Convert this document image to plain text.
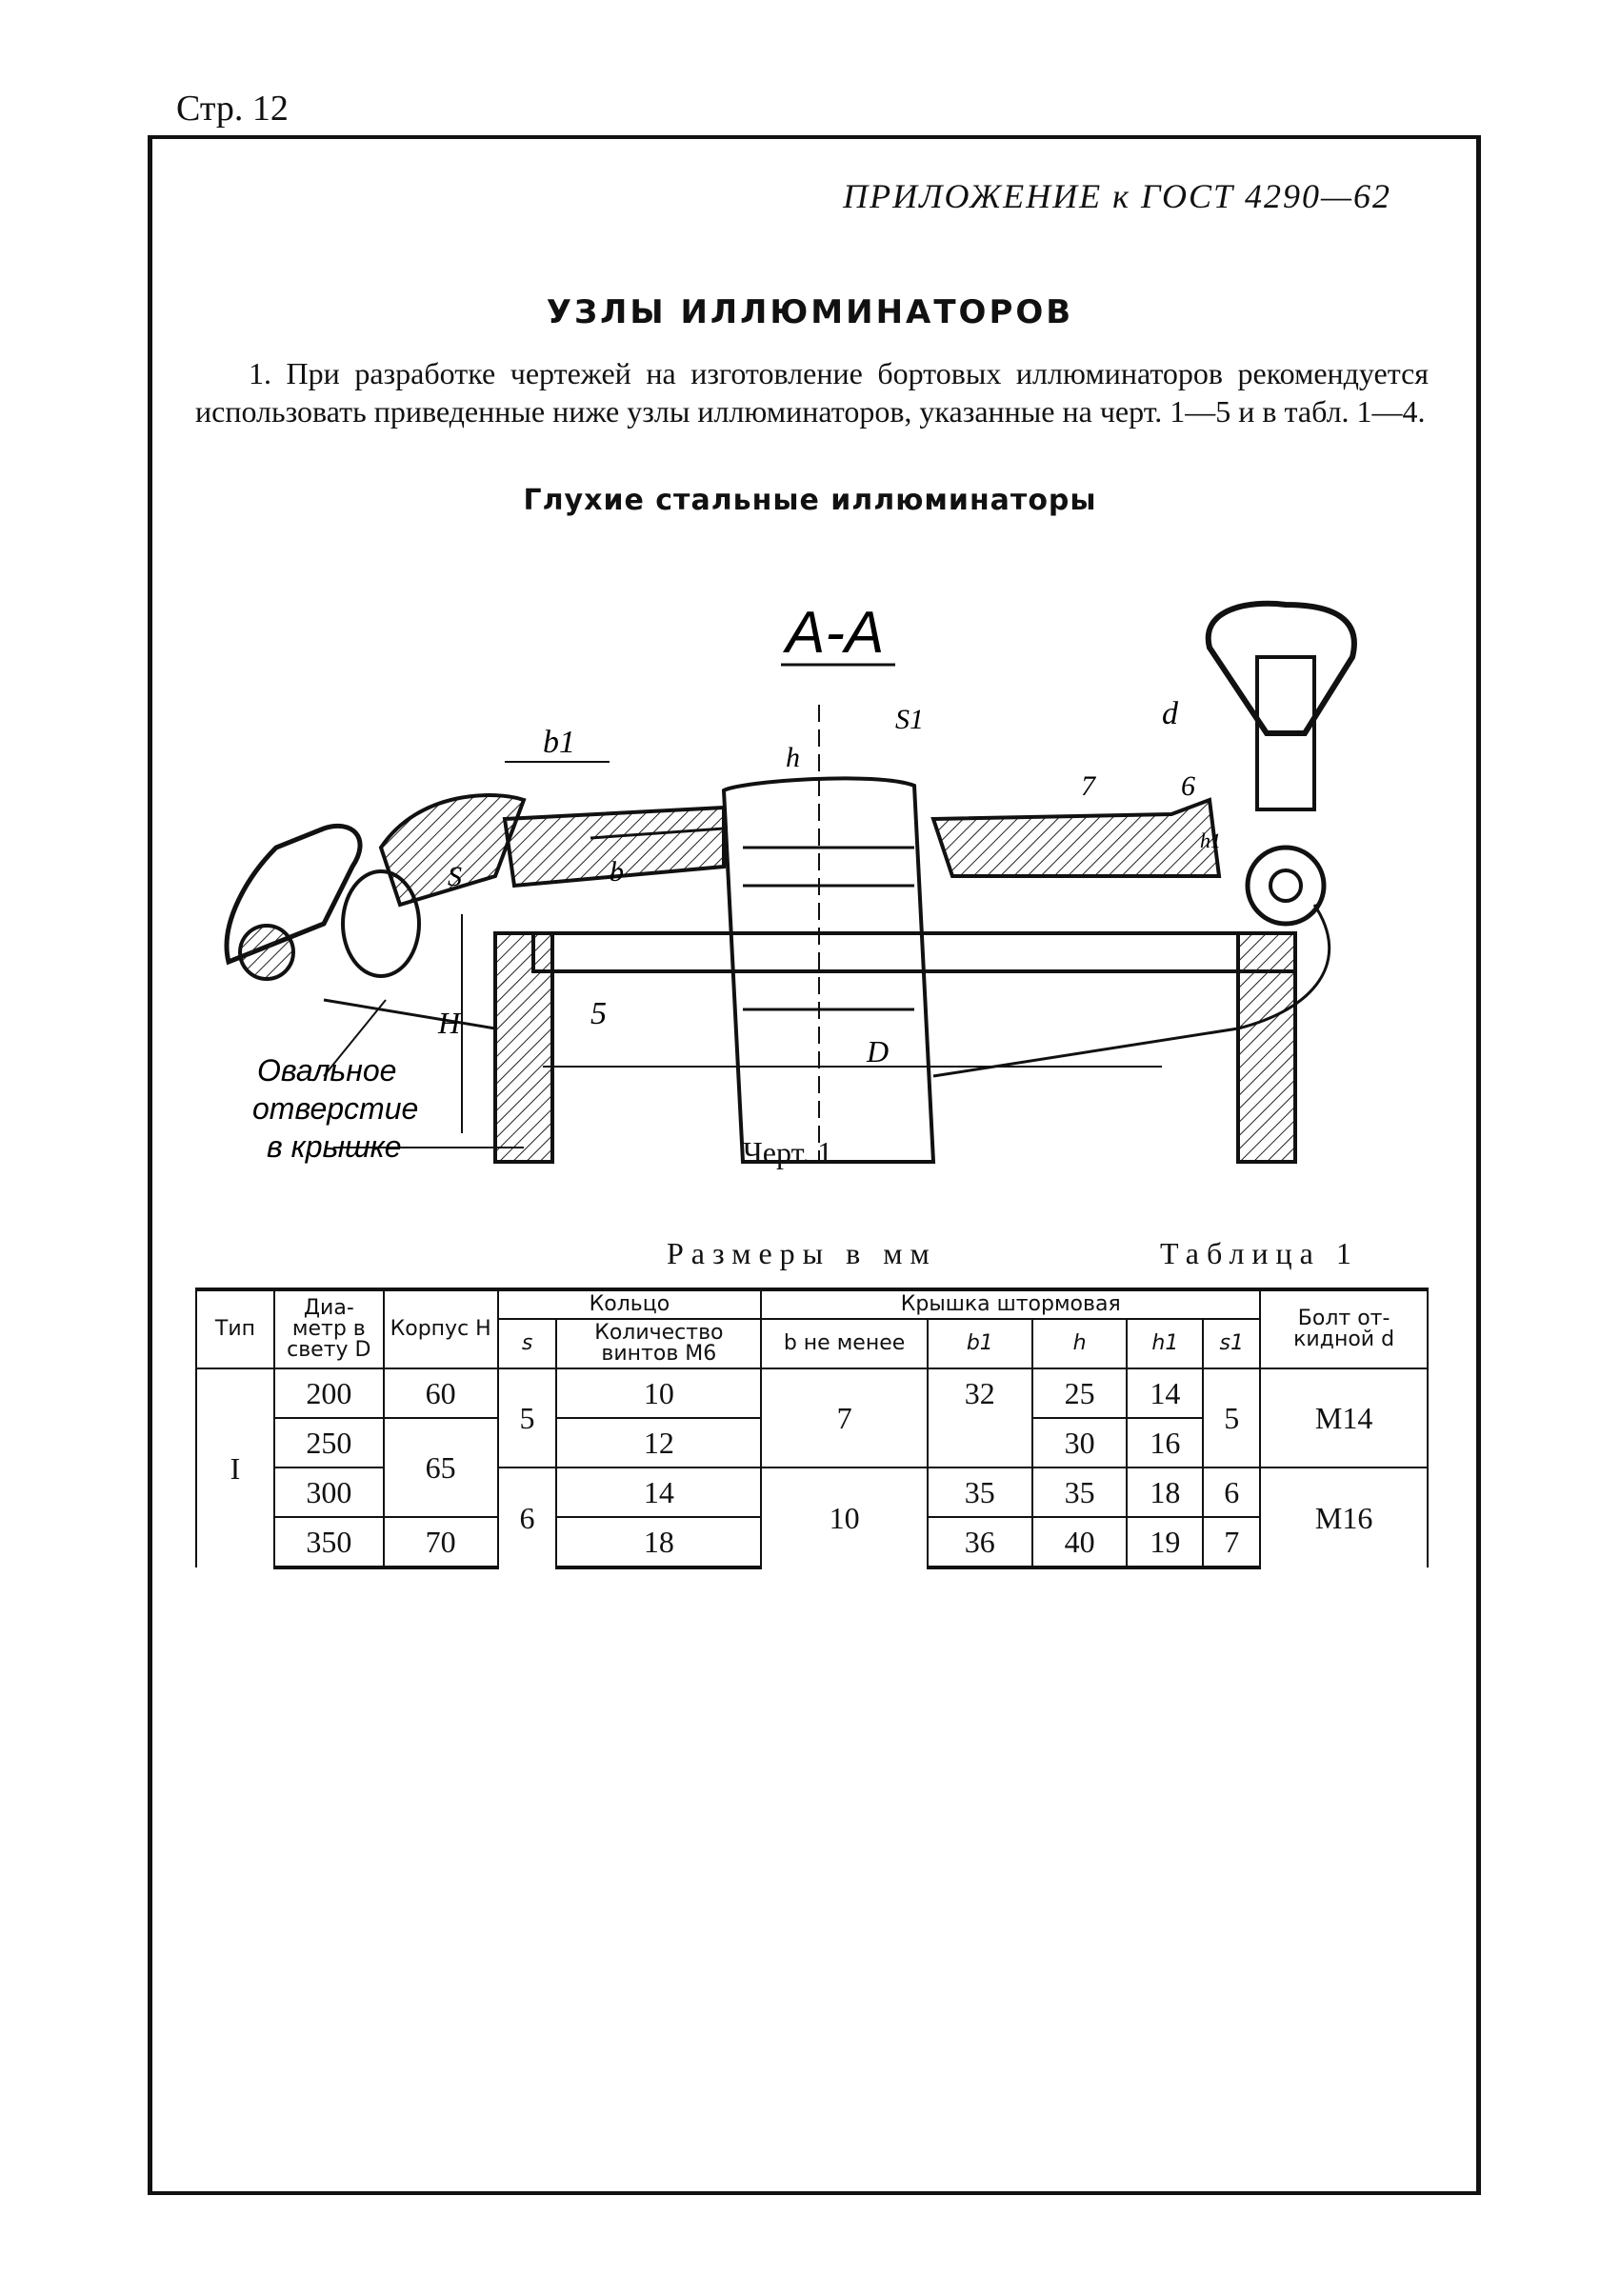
Стр. 12
ПРИЛОЖЕНИЕ к ГОСТ 4290—62
УЗЛЫ ИЛЛЮМИНАТОРОВ

1. При разработке чертежей на изготовление бортовых иллюминаторов рекомендуется использовать приведенные ниже узлы иллюминаторов, указанные на черт. 1—5 и в табл. 1—4.

Глухие стальные иллюминаторы
А-А
b1
S1
h
d
7	6
h1
S	b
5
H
D
Овальное
отверстие
в крышке	Черт. 1
Размеры в мм	Таблица 1
Тип	Диа-метр в свету D	Корпус H	Кольцо		Крышка штормовая					Болт от-кидной d
			s	Количество винтов М6	b не менее	b1	h	h1	s1	
I	200	60	5	10	7	32	25	14	5	М14
	250	65		12			30	16		
	300		6	14	10	35	35	18	6	М16
	350	70		18		36	40	19	7	
